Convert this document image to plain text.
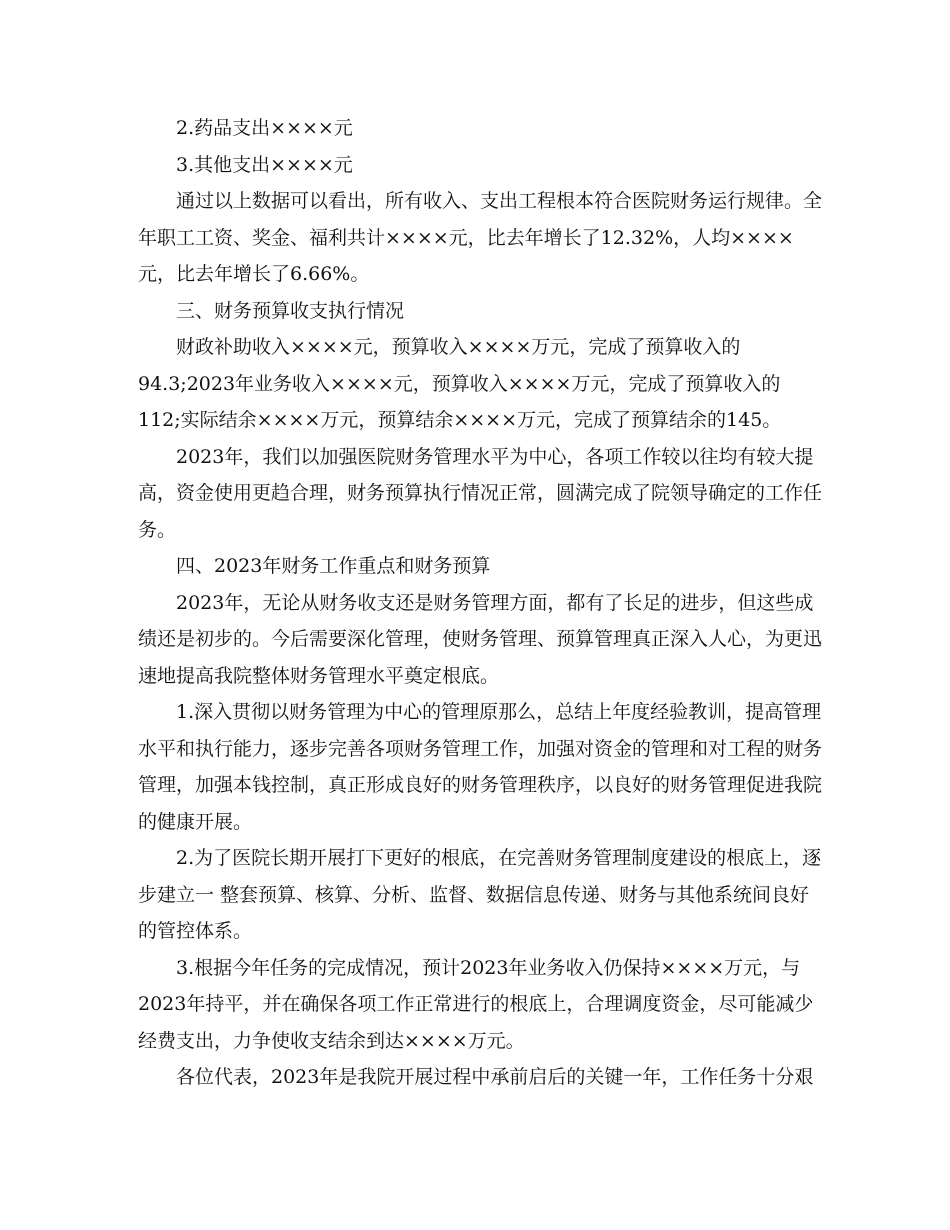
2.药品支出××××元
3.其他支出××××元
通过以上数据可以看出，所有收入、支出工程根本符合医院财务运行规律。全
年职工工资、奖金、福利共计××××元，比去年增长了12.32%，人均××××
元，比去年增长了6.66%。
三、财务预算收支执行情况
财政补助收入××××元，预算收入××××万元，完成了预算收入的
94.3;2023年业务收入××××元，预算收入××××万元，完成了预算收入的
112;实际结余××××万元，预算结余××××万元，完成了预算结余的145。
2023年，我们以加强医院财务管理水平为中心，各项工作较以往均有较大提
高，资金使用更趋合理，财务预算执行情况正常，圆满完成了院领导确定的工作任
务。
四、2023年财务工作重点和财务预算
2023年，无论从财务收支还是财务管理方面，都有了长足的进步，但这些成
绩还是初步的。今后需要深化管理，使财务管理、预算管理真正深入人心，为更迅
速地提高我院整体财务管理水平奠定根底。
1.深入贯彻以财务管理为中心的管理原那么，总结上年度经验教训，提高管理
水平和执行能力，逐步完善各项财务管理工作，加强对资金的管理和对工程的财务
管理，加强本钱控制，真正形成良好的财务管理秩序，以良好的财务管理促进我院
的健康开展。
2.为了医院长期开展打下更好的根底，在完善财务管理制度建设的根底上，逐
步建立一 整套预算、核算、分析、监督、数据信息传递、财务与其他系统间良好
的管控体系。
3.根据今年任务的完成情况，预计2023年业务收入仍保持××××万元，与
2023年持平，并在确保各项工作正常进行的根底上，合理调度资金，尽可能减少
经费支出，力争使收支结余到达××××万元。
各位代表，2023年是我院开展过程中承前启后的关键一年，工作任务十分艰
